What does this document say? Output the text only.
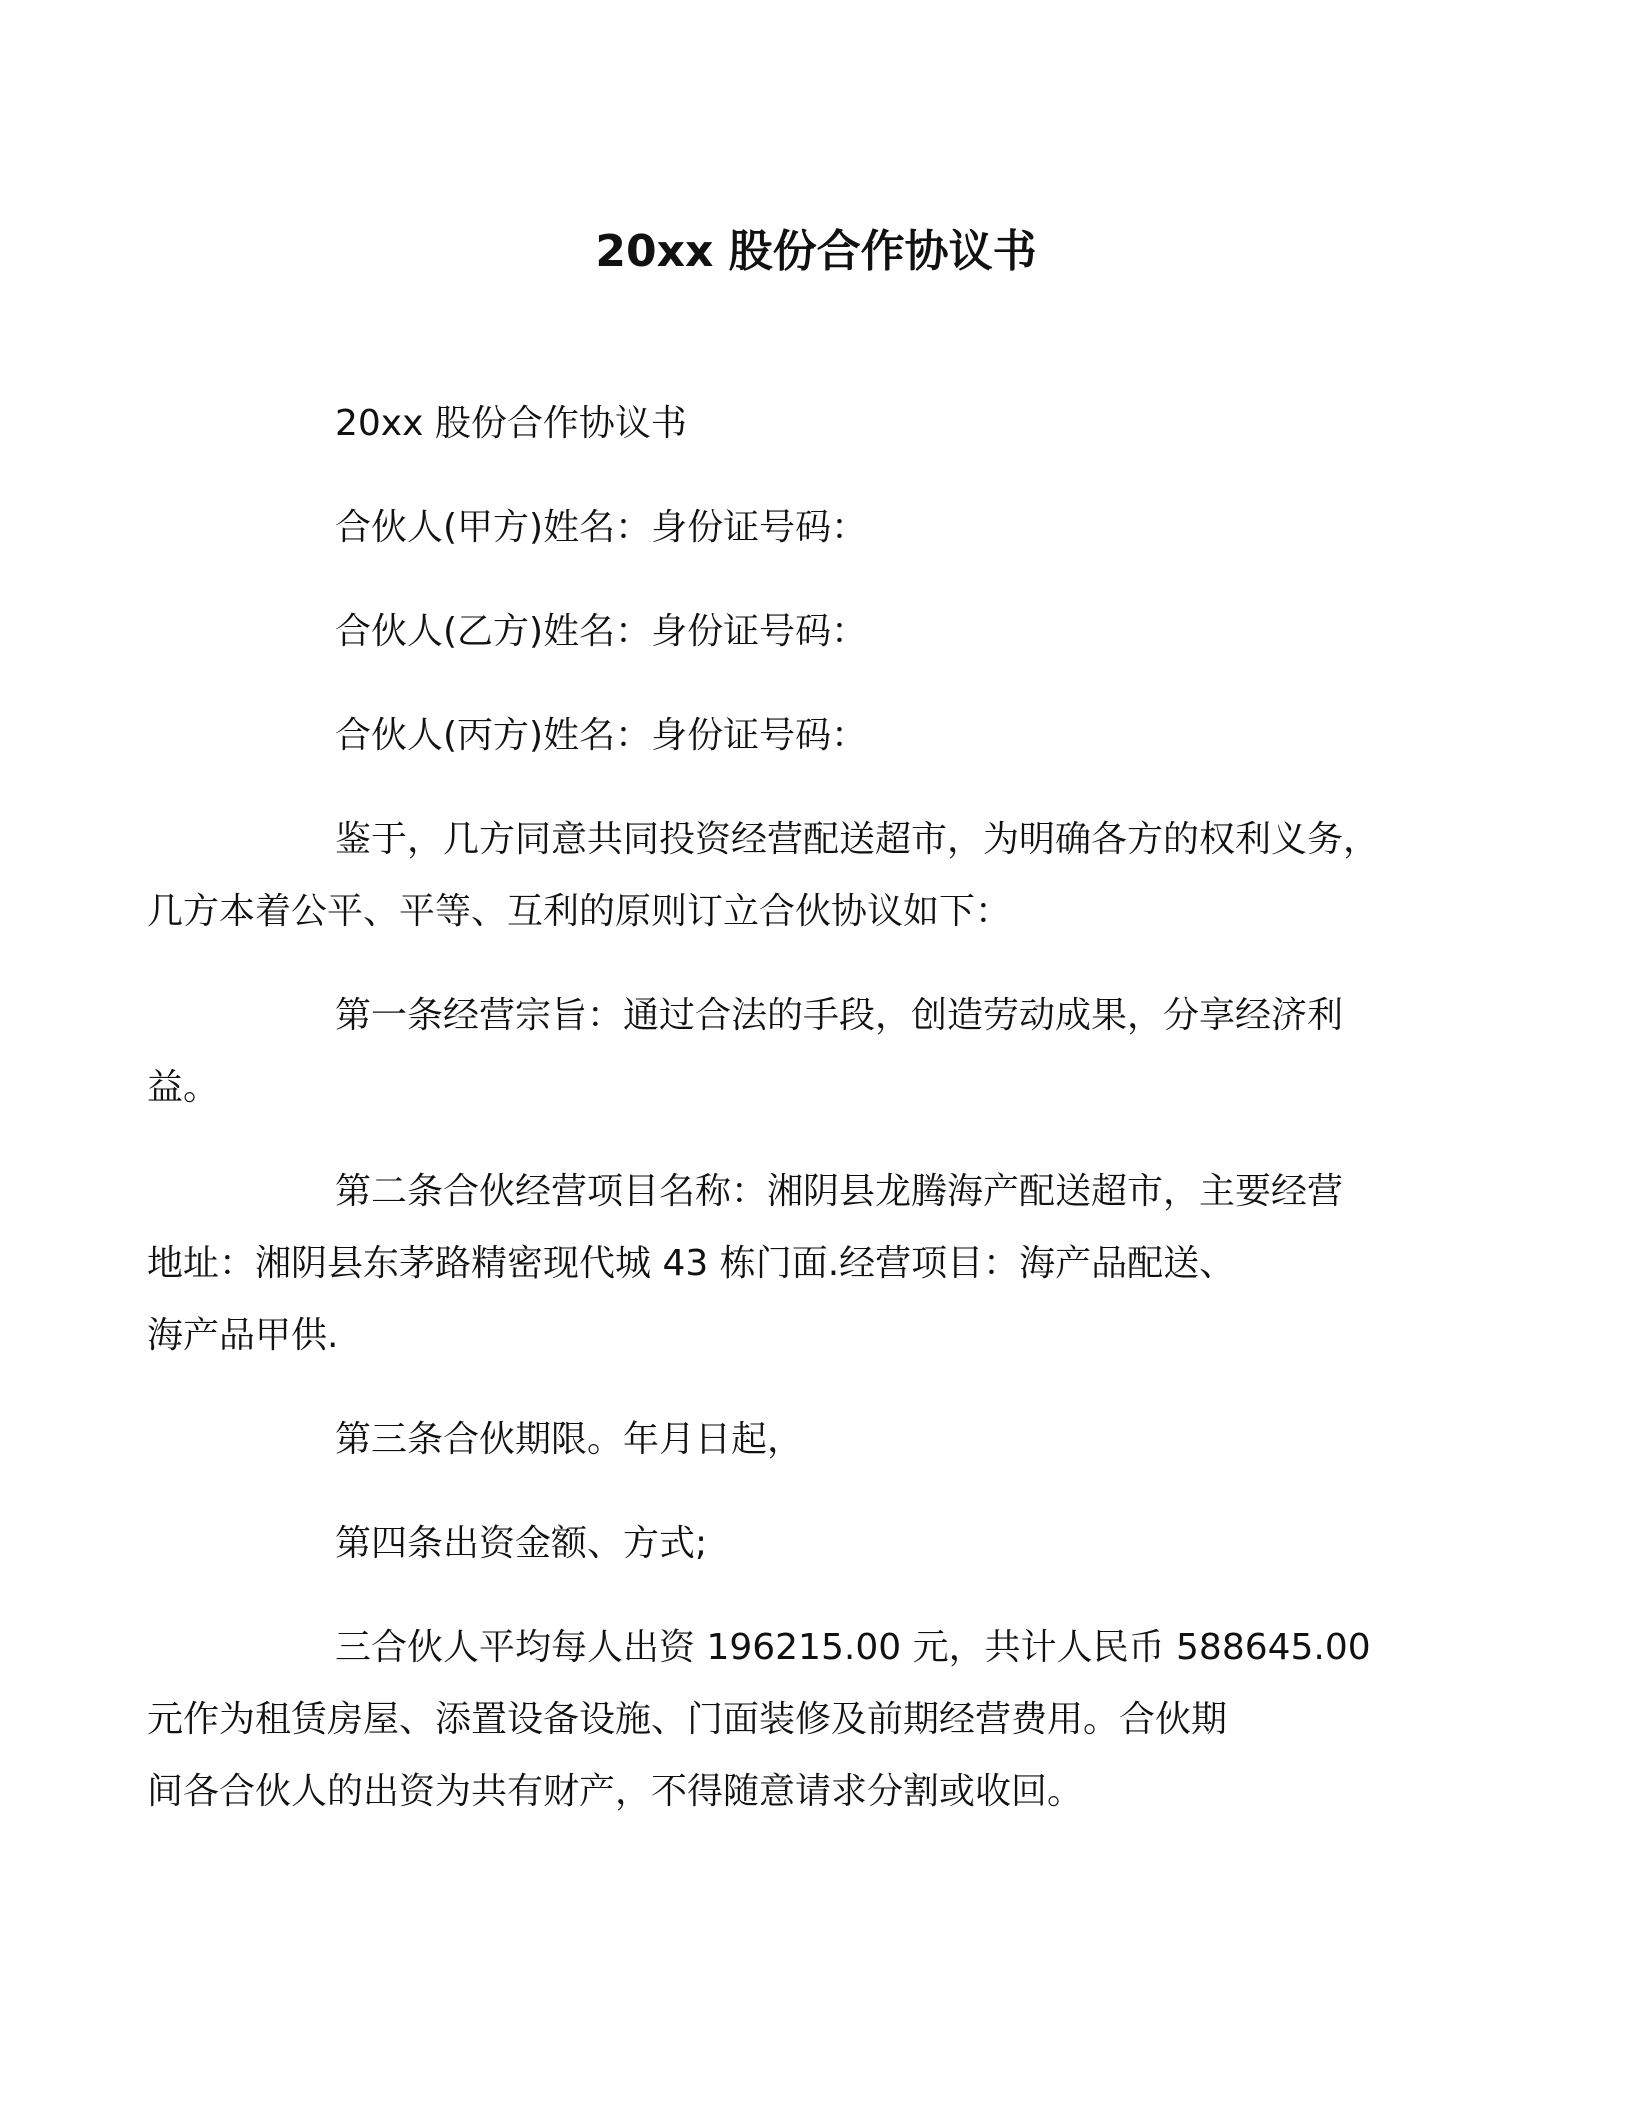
20xx 股份合作协议书

20xx 股份合作协议书

合伙人(甲方)姓名：身份证号码：

合伙人(乙方)姓名：身份证号码：

合伙人(丙方)姓名：身份证号码：

鉴于，几方同意共同投资经营配送超市，为明确各方的权利义务，
几方本着公平、平等、互利的原则订立合伙协议如下：

第一条经营宗旨：通过合法的手段，创造劳动成果，分享经济利
益。

第二条合伙经营项目名称：湘阴县龙腾海产配送超市，主要经营
地址：湘阴县东茅路精密现代城 43 栋门面.经营项目：海产品配送、
海产品甲供.

第三条合伙期限。年月日起，

第四条出资金额、方式;

三合伙人平均每人出资 196215.00 元，共计人民币 588645.00
元作为租赁房屋、添置设备设施、门面装修及前期经营费用。合伙期
间各合伙人的出资为共有财产，不得随意请求分割或收回。
